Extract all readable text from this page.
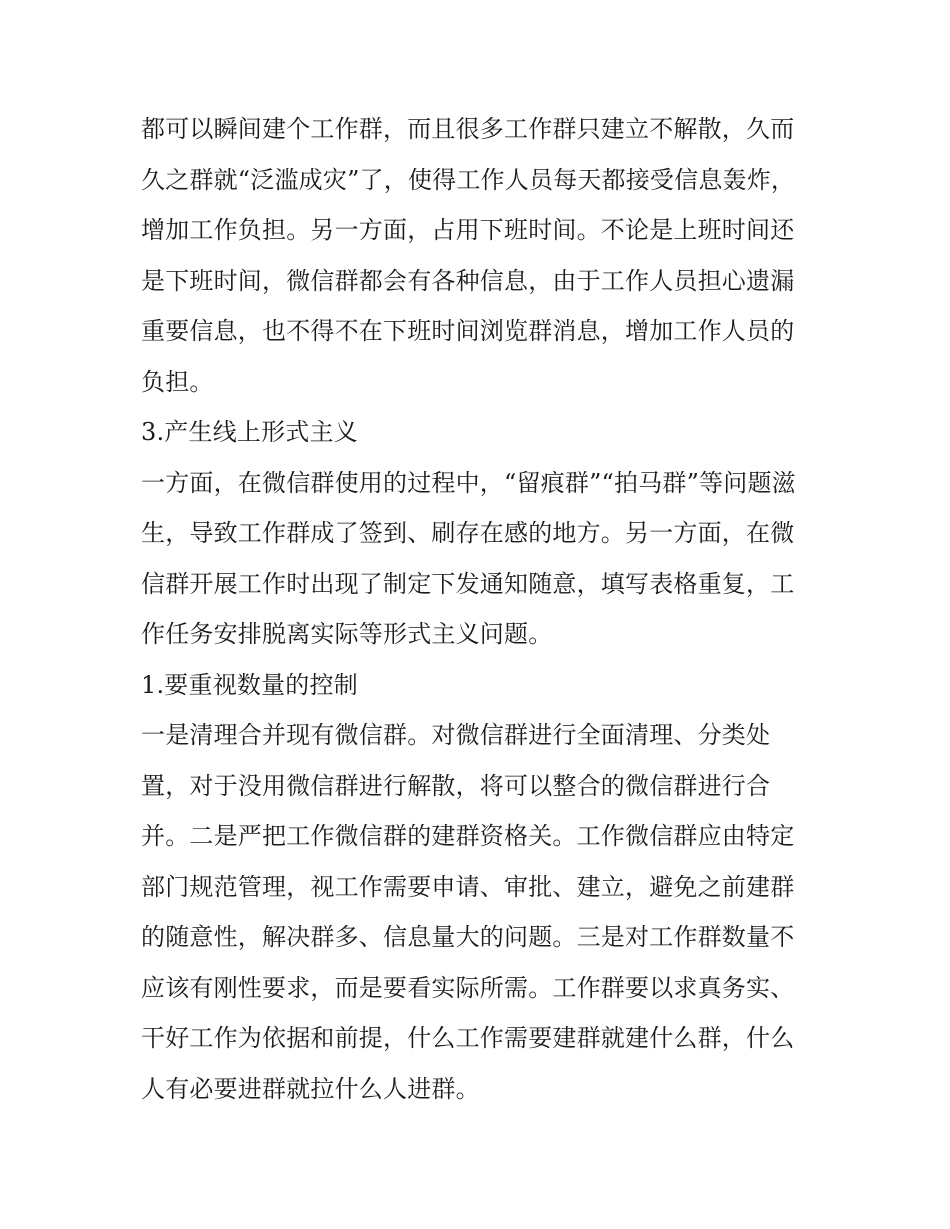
都可以瞬间建个工作群，而且很多工作群只建立不解散，久而
久之群就“泛滥成灾”了，使得工作人员每天都接受信息轰炸，
增加工作负担。另一方面，占用下班时间。不论是上班时间还
是下班时间，微信群都会有各种信息，由于工作人员担心遗漏
重要信息，也不得不在下班时间浏览群消息，增加工作人员的
负担。
3.产生线上形式主义
一方面，在微信群使用的过程中，“留痕群”“拍马群”等问题滋
生，导致工作群成了签到、刷存在感的地方。另一方面，在微
信群开展工作时出现了制定下发通知随意，填写表格重复，工
作任务安排脱离实际等形式主义问题。
1.要重视数量的控制
一是清理合并现有微信群。对微信群进行全面清理、分类处
置，对于没用微信群进行解散，将可以整合的微信群进行合
并。二是严把工作微信群的建群资格关。工作微信群应由特定
部门规范管理，视工作需要申请、审批、建立，避免之前建群
的随意性，解决群多、信息量大的问题。三是对工作群数量不
应该有刚性要求，而是要看实际所需。工作群要以求真务实、
干好工作为依据和前提，什么工作需要建群就建什么群，什么
人有必要进群就拉什么人进群。
